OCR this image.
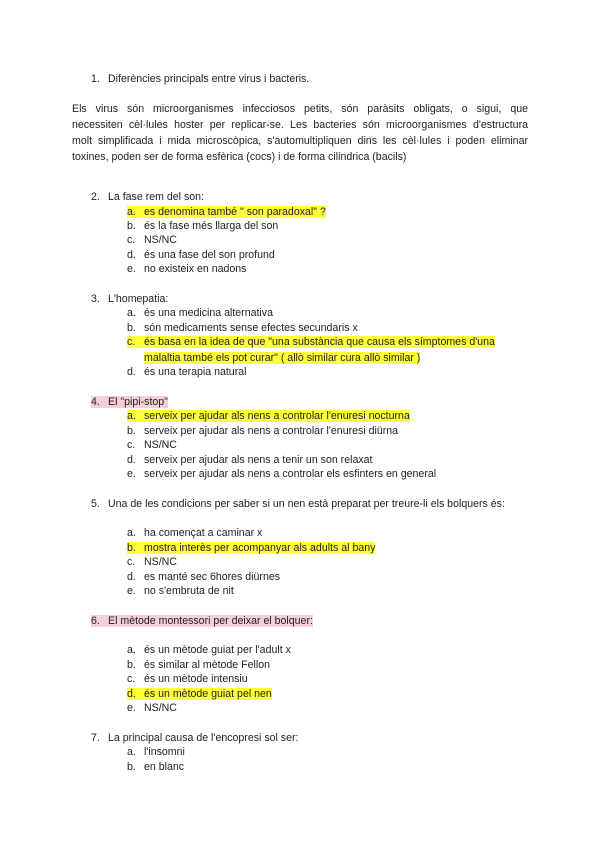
1. Diferències principals entre virus i bacteris.
Els virus són microorganismes infecciosos petits, són paràsits obligats, o sigui, que
necessiten cèl·lules hoster per replicar-se. Les bacteries són microorganismes d'estructura
molt simplificada i mida microscòpica, s'automultipliquen dins les cèl·lules i poden eliminar
toxines, poden ser de forma esfèrica (cocs) i de forma cilindrica (bacils)
2. La fase rem del son:
a. es denomina també " son paradoxal" ?
b. és la fase més llarga del son
c. NS/NC
d. és una fase del son profund
e. no existeix en nadons
3. L'homepatia:
a. és una medicina alternativa
b. són medicaments sense efectes secundaris x
c. és basa en la idea de que "una substància que causa els símptomes d'una
malaltia també els pot curar" ( allò similar cura allò similar )
d. és una terapia natural
4. El "pipi-stop"
a. serveix per ajudar als nens a controlar l'enuresi nocturna
b. serveix per ajudar als nens a controlar l'enuresi diürna
c. NS/NC
d. serveix per ajudar als nens a tenir un son relaxat
e. serveix per ajudar als nens a controlar els esfinters en general
5. Una de les condicions per saber si un nen està preparat per treure-li els bolquers és:
a. ha començat a caminar x
b. mostra interès per acompanyar als adults al bany
c. NS/NC
d. es manté sec 6hores diürnes
e. no s'embruta de nit
6. El mètode montessori per deixar el bolquer:
a. és un mètode guiat per l'adult x
b. és similar al mètode Fellon
c. és un mètode intensiu
d. és un mètode guiat pel nen
e. NS/NC
7. La principal causa de l'encopresi sol ser:
a. l'insomni
b. en blanc
